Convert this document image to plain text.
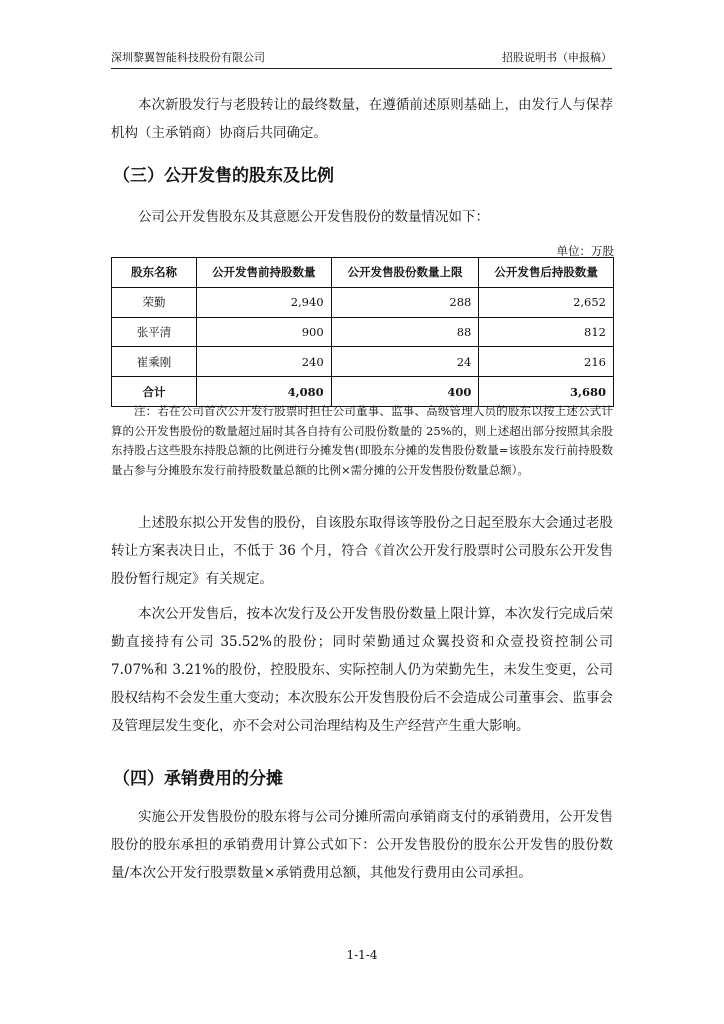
深圳黎翼智能科技股份有限公司	招股说明书（申报稿）

本次新股发行与老股转让的最终数量，在遵循前述原则基础上，由发行人与保荐机构（主承销商）协商后共同确定。

（三）公开发售的股东及比例

公司公开发售股东及其意愿公开发售股份的数量情况如下：

单位：万股
股东名称	公开发售前持股数量	公开发售股份数量上限	公开发售后持股数量
荣勤	2,940	288	2,652
张平清	900	88	812
崔乘刚	240	24	216
合计	4,080	400	3,680

注：若在公司首次公开发行股票时担任公司董事、监事、高级管理人员的股东以按上述公式计算的公开发售股份的数量超过届时其各自持有公司股份数量的 25%的，则上述超出部分按照其余股东持股占这些股东持股总额的比例进行分摊发售(即股东分摊的发售股份数量=该股东发行前持股数量占参与分摊股东发行前持股数量总额的比例×需分摊的公开发售股份数量总额）。

上述股东拟公开发售的股份，自该股东取得该等股份之日起至股东大会通过老股转让方案表决日止，不低于 36 个月，符合《首次公开发行股票时公司股东公开发售股份暂行规定》有关规定。

本次公开发售后，按本次发行及公开发售股份数量上限计算，本次发行完成后荣勤直接持有公司 35.52%的股份；同时荣勤通过众翼投资和众壹投资控制公司 7.07%和 3.21%的股份，控股股东、实际控制人仍为荣勤先生，未发生变更，公司股权结构不会发生重大变动；本次股东公开发售股份后不会造成公司董事会、监事会及管理层发生变化，亦不会对公司治理结构及生产经营产生重大影响。

（四）承销费用的分摊

实施公开发售股份的股东将与公司分摊所需向承销商支付的承销费用，公开发售股份的股东承担的承销费用计算公式如下：公开发售股份的股东公开发售的股份数量/本次公开发行股票数量×承销费用总额，其他发行费用由公司承担。

1-1-4
